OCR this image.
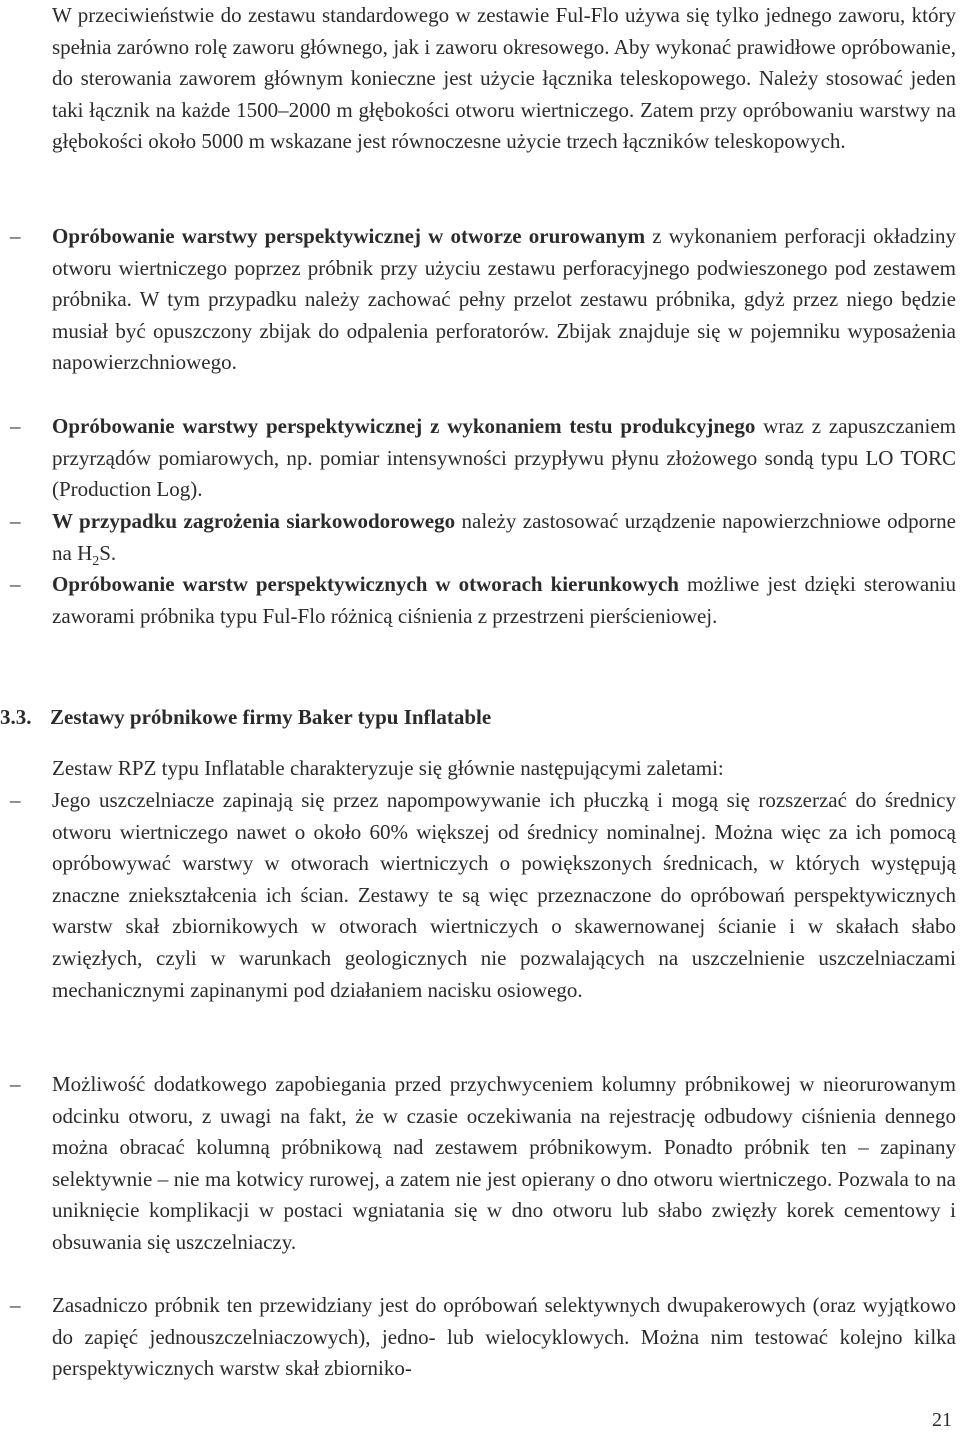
W przeciwieństwie do zestawu standardowego w zestawie Ful-Flo używa się tylko jednego zaworu, który spełnia zarówno rolę zaworu głównego, jak i zaworu okresowego. Aby wykonać prawidłowe opróbowanie, do sterowania zaworem głównym konieczne jest użycie łącznika teleskopowego. Należy stosować jeden taki łącznik na każde 1500–2000 m głębokości otworu wiertniczego. Zatem przy opróbowaniu warstwy na głębokości około 5000 m wskazane jest równoczesne użycie trzech łączników teleskopowych.

–	Opróbowanie warstwy perspektywicznej w otworze orurowanym z wykonaniem perforacji okładziny otworu wiertniczego poprzez próbnik przy użyciu zestawu perforacyjnego podwieszonego pod zestawem próbnika. W tym przypadku należy zachować pełny przelot zestawu próbnika, gdyż przez niego będzie musiał być opuszczony zbijak do odpalenia perforatorów. Zbijak znajduje się w pojemniku wyposażenia napowierzchniowego.
–	Opróbowanie warstwy perspektywicznej z wykonaniem testu produkcyjnego wraz z zapuszczaniem przyrządów pomiarowych, np. pomiar intensywności przypływu płynu złożowego sondą typu LO TORC (Production Log).
–	W przypadku zagrożenia siarkowodorowego należy zastosować urządzenie napowierzchniowe odporne na $H_2S$.
–	Opróbowanie warstw perspektywicznych w otworach kierunkowych możliwe jest dzięki sterowaniu zaworami próbnika typu Ful-Flo różnicą ciśnienia z przestrzeni pierścieniowej.
3.3. Zestawy próbnikowe firmy Baker typu Inflatable
Zestaw RPZ typu Inflatable charakteryzuje się głównie następującymi zaletami:
–	Jego uszczelniacze zapinają się przez napompowywanie ich płuczką i mogą się rozszerzać do średnicy otworu wiertniczego nawet o około 60% większej od średnicy nominalnej. Można więc za ich pomocą opróbowywać warstwy w otworach wiertniczych o powiększonych średnicach, w których występują znaczne zniekształcenia ich ścian. Zestawy te są więc przeznaczone do opróbowań perspektywicznych warstw skał zbiornikowych w otworach wiertniczych o skawernowanej ścianie i w skałach słabo zwięzłych, czyli w warunkach geologicznych nie pozwalających na uszczelnienie uszczelniaczami mechanicznymi zapinanymi pod działaniem nacisku osiowego.
–	Możliwość dodatkowego zapobiegania przed przychwyceniem kolumny próbnikowej w nieorurowanym odcinku otworu, z uwagi na fakt, że w czasie oczekiwania na rejestrację odbudowy ciśnienia dennego można obracać kolumną próbnikową nad zestawem próbnikowym. Ponadto próbnik ten – zapinany selektywnie – nie ma kotwicy rurowej, a zatem nie jest opierany o dno otworu wiertniczego. Pozwala to na uniknięcie komplikacji w postaci wgniatania się w dno otworu lub słabo zwięzły korek cementowy i obsuwania się uszczelniaczy.
–	Zasadniczo próbnik ten przewidziany jest do opróbowań selektywnych dwupakerowych (oraz wyjątkowo do zapięć jednouszczelniaczowych), jedno- lub wielocyklowych. Można nim testować kolejno kilka perspektywicznych warstw skał zbiorniko-
21
